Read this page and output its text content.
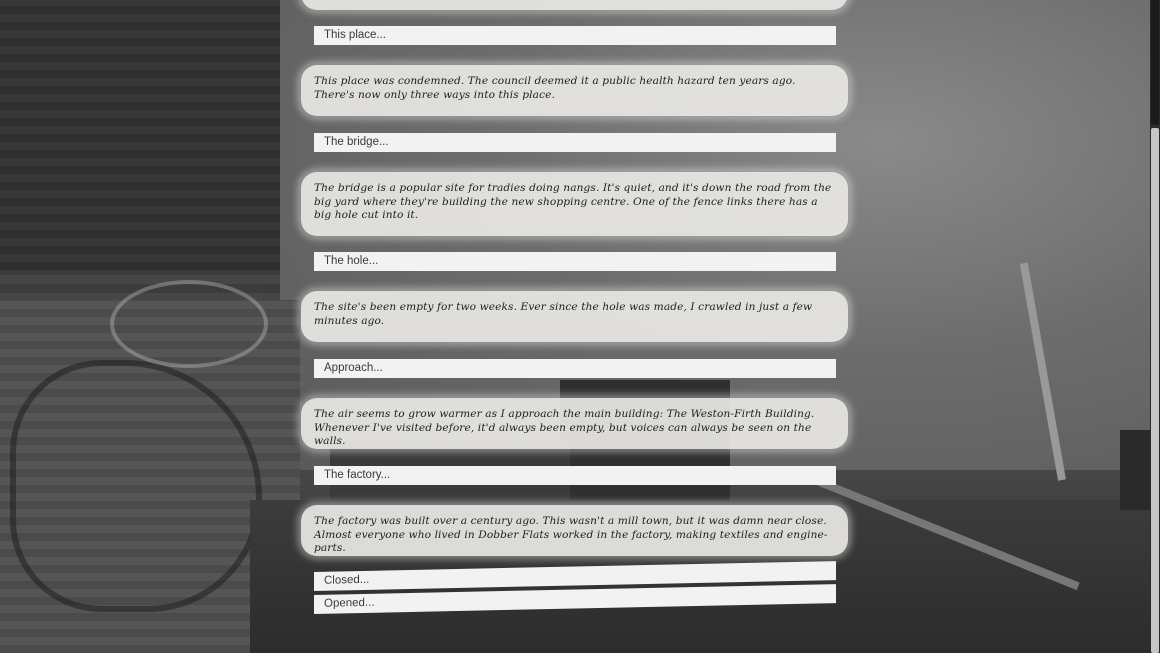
This place...
This place was condemned. The council deemed it a public health hazard ten years ago. There's now only three ways into this place.
The bridge...
The bridge is a popular site for tradies doing nangs. It's quiet, and it's down the road from the big yard where they're building the new shopping centre. One of the fence links there has a big hole cut into it.
The hole...
The site's been empty for two weeks. Ever since the hole was made, I crawled in just a few minutes ago.
Approach...
The air seems to grow warmer as I approach the main building: The Weston-Firth Building. Whenever I've visited before, it'd always been empty, but voices can always be seen on the walls.
The factory...
The factory was built over a century ago. This wasn't a mill town, but it was damn near close. Almost everyone who lived in Dobber Flats worked in the factory, making textiles and engine-parts.
Closed...
Opened...
